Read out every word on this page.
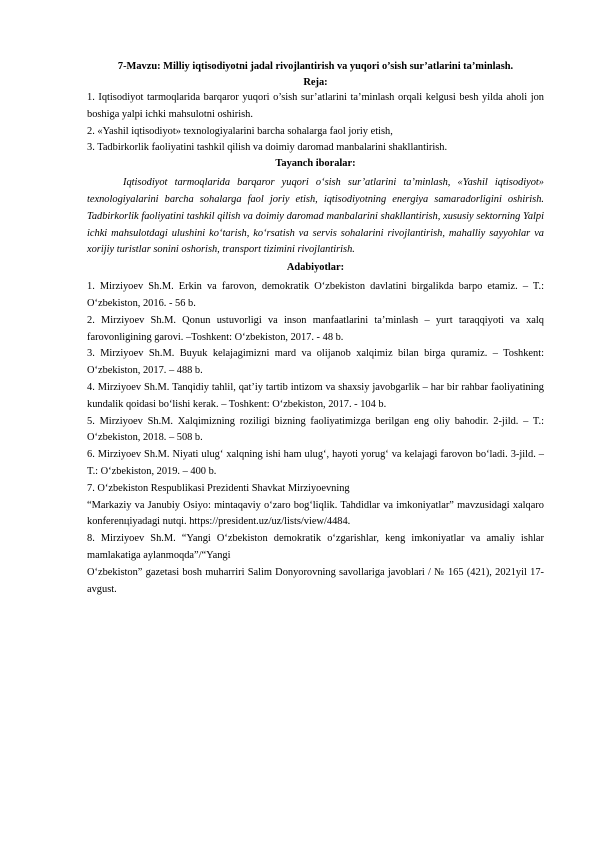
7-Mavzu: Milliy iqtisodiyotni jadal rivojlantirish va yuqori o’sish sur’atlarini ta’minlash.
Reja:

1. Iqtisodiyot tarmoqlarida barqaror yuqori o’sish sur’atlarini ta’minlash orqali kelgusi besh yilda aholi jon boshiga yalpi ichki mahsulotni oshirish.

2. «Yashil iqtisodiyot» texnologiyalarini barcha sohalarga faol joriy etish,

3. Tadbirkorlik faoliyatini tashkil qilish va doimiy daromad manbalarini shakllantirish.

Tayanch iboralar:

Iqtisodiyot tarmoqlarida barqaror yuqori o‘sish sur’atlarini ta’minlash, «Yashil iqtisodiyot» texnologiyalarini barcha sohalarga faol joriy etish, iqtisodiyotning energiya samaradorligini oshirish. Tadbirkorlik faoliyatini tashkil qilish va doimiy daromad manbalarini shakllantirish, xususiy sektorning Yalpi ichki mahsulotdagi ulushini ko‘tarish, ko‘rsatish va servis sohalarini rivojlantirish, mahalliy sayyohlar va xorijiy turistlar sonini oshorish, transport tizimini rivojlantirish.

Adabiyotlar:

1. Mirziyoev Sh.M. Erkin va farovon, demokratik O‘zbekiston davlatini birgalikda barpo etamiz. – T.: O‘zbekiston, 2016. - 56 b.

2. Mirziyoev Sh.M. Qonun ustuvorligi va inson manfaatlarini ta’minlash – yurt taraqqiyoti va xalq farovonligining garovi. –Toshkent: O‘zbekiston, 2017. - 48 b.

3. Mirziyoev Sh.M. Buyuk kelajagimizni mard va olijanob xalqimiz bilan birga quramiz. – Toshkent: O‘zbekiston, 2017. – 488 b.

4. Mirziyoev Sh.M. Tanqidiy tahlil, qat’iy tartib intizom va shaxsiy javobgarlik – har bir rahbar faoliyatining kundalik qoidasi bo‘lishi kerak. – Toshkent: O‘zbekiston, 2017. - 104 b.

5. Mirziyoev Sh.M. Xalqimizning roziligi bizning faoliyatimizga berilgan eng oliy bahodir. 2-jild. – T.: O‘zbekiston, 2018. – 508 b.

6. Mirziyoev Sh.M. Niyati ulug‘ xalqning ishi ham ulug‘, hayoti yorug‘ va kelajagi farovon bo‘ladi. 3-jild. – T.: O‘zbekiston, 2019. – 400 b.

7. O‘zbekiston Respublikasi Prezidenti Shavkat Mirziyoevning

“Markaziy va Janubiy Osiyo: mintaqaviy o‘zaro bog‘liqlik. Tahdidlar va imkoniyatlar” mavzusidagi xalqaro konferenцiyadagi nutqi. https://president.uz/uz/lists/view/4484.

8. Mirziyoev Sh.M. “Yangi O‘zbekiston demokratik o‘zgarishlar, keng imkoniyatlar va amaliy ishlar mamlakatiga aylanmoqda”/“Yangi

O‘zbekiston” gazetasi bosh muharriri Salim Donyorovning savollariga javoblari / № 165 (421), 2021yil 17-avgust.
